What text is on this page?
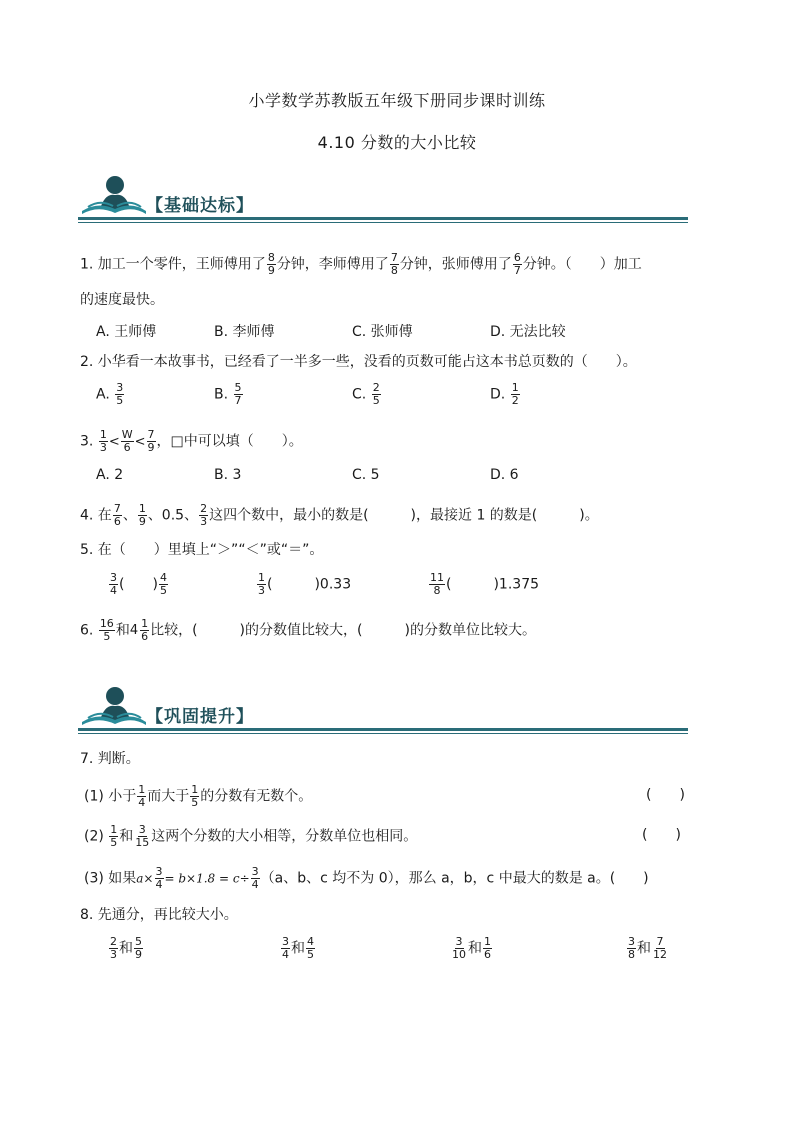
小学数学苏教版五年级下册同步课时训练
4.10 分数的大小比较
【基础达标】
1. 加工一个零件，王师傅用了 $\frac{8}{9}$ 分钟，李师傅用了 $\frac{7}{8}$ 分钟，张师傅用了 $\frac{6}{7}$ 分钟。（　　）加工
的速度最快。
A. 王师傅	B. 李师傅	C. 张师傅	D. 无法比较
2. 小华看一本故事书，已经看了一半多一些，没看的页数可能占这本书总页数的（　　）。
A. $\frac{3}{5}$	B. $\frac{5}{7}$	C. $\frac{2}{5}$	D. $\frac{1}{2}$
3. $\frac{1}{3} < \frac{W}{6} < \frac{7}{9}$ ，□中可以填（　　）。
A. 2	B. 3	C. 5	D. 6
4. 在 $\frac{7}{6}$ 、 $\frac{1}{9}$ 、0.5、 $\frac{2}{3}$ 这四个数中，最小的数是(　　　)，最接近 1 的数是(　　　)。
5. 在（　　）里填上“＞”“＜”或“＝”。
$\frac{3}{4}$ (　　) $\frac{4}{5}$	$\frac{1}{3}$ (　　　)0.33	$\frac{11}{8}$ (　　　)1.375
6. $\frac{16}{5}$ 和 $4 \frac{1}{6}$ 比较，(　　　)的分数值比较大，(　　　)的分数单位比较大。
【巩固提升】
7. 判断。
(1) 小于 $\frac{1}{4}$ 而大于 $\frac{1}{5}$ 的分数有无数个。	(　　)
$(2) \frac{1}{5}$ 和 $\frac{3}{15}$ 这两个分数的大小相等，分数单位也相同。	(　　)
(3) 如果$a\times \frac{3}{4} = b\times 1.8 = c\div \frac{3}{4} (a$、b、c 均不为 0），那么 a，b，c 中最大的数是 a。(　　)
8. 先通分，再比较大小。
$\frac{2}{3}$ 和 $\frac{5}{9}$	$\frac{3}{4}$ 和 $\frac{4}{5}$	$\frac{3}{10}$ 和 $\frac{1}{6}$	$\frac{3}{8}$ 和 $\frac{7}{12}$
